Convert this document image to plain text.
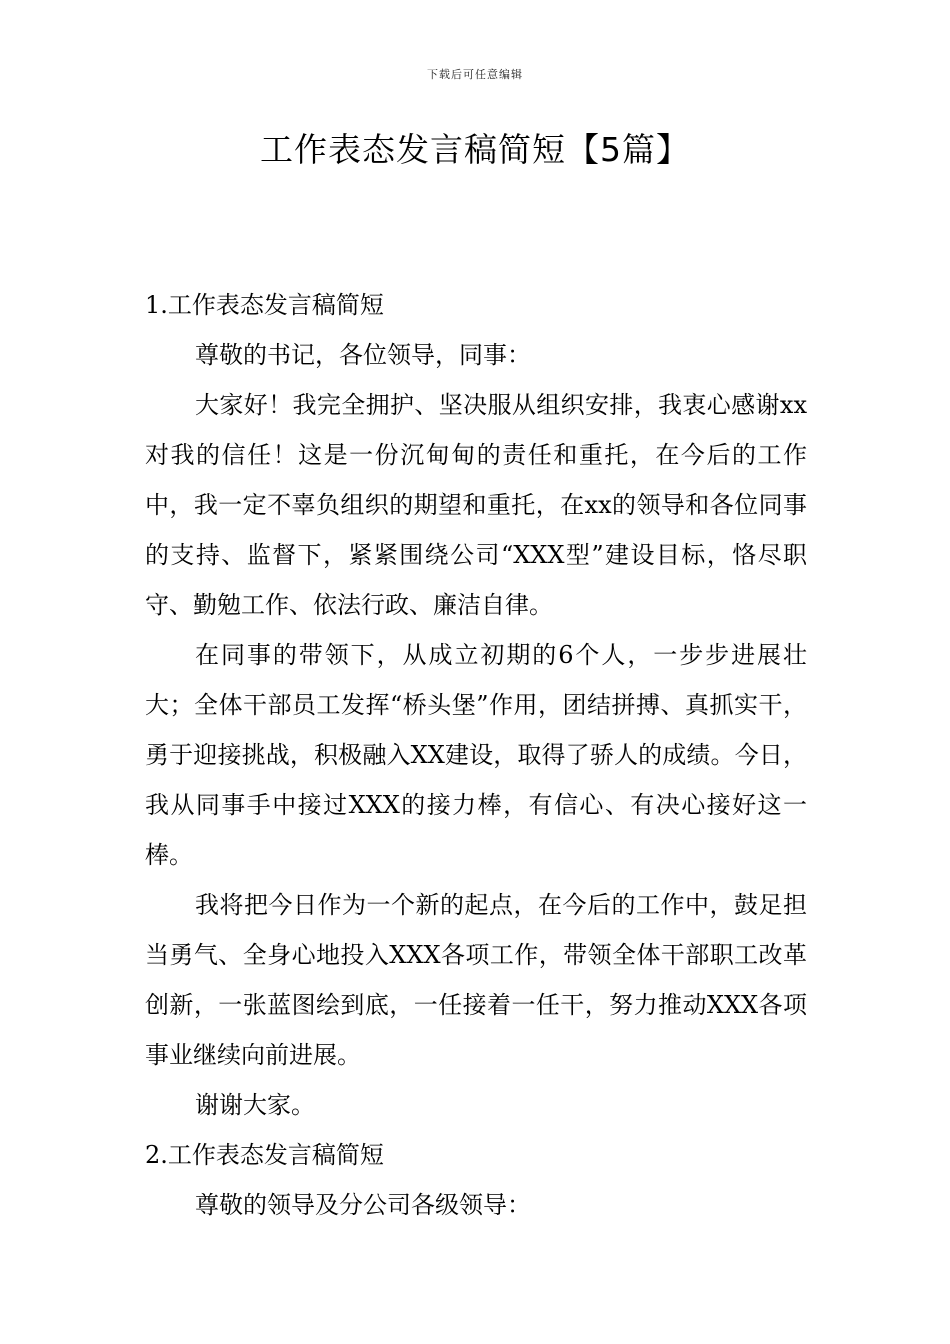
下载后可任意编辑
工作表态发言稿简短【5篇】

1.工作表态发言稿简短

尊敬的书记，各位领导，同事：

大家好！我完全拥护、坚决服从组织安排，我衷心感谢xx对我的信任！这是一份沉甸甸的责任和重托，在今后的工作中，我一定不辜负组织的期望和重托，在xx的领导和各位同事的支持、监督下，紧紧围绕公司“XXX型”建设目标，恪尽职守、勤勉工作、依法行政、廉洁自律。

在同事的带领下，从成立初期的6个人，一步步进展壮大；全体干部员工发挥“桥头堡”作用，团结拼搏、真抓实干，勇于迎接挑战，积极融入XX建设，取得了骄人的成绩。今日，我从同事手中接过XXX的接力棒，有信心、有决心接好这一棒。

我将把今日作为一个新的起点，在今后的工作中，鼓足担当勇气、全身心地投入XXX各项工作，带领全体干部职工改革创新，一张蓝图绘到底，一任接着一任干，努力推动XXX各项事业继续向前进展。

谢谢大家。

2.工作表态发言稿简短

尊敬的领导及分公司各级领导：
